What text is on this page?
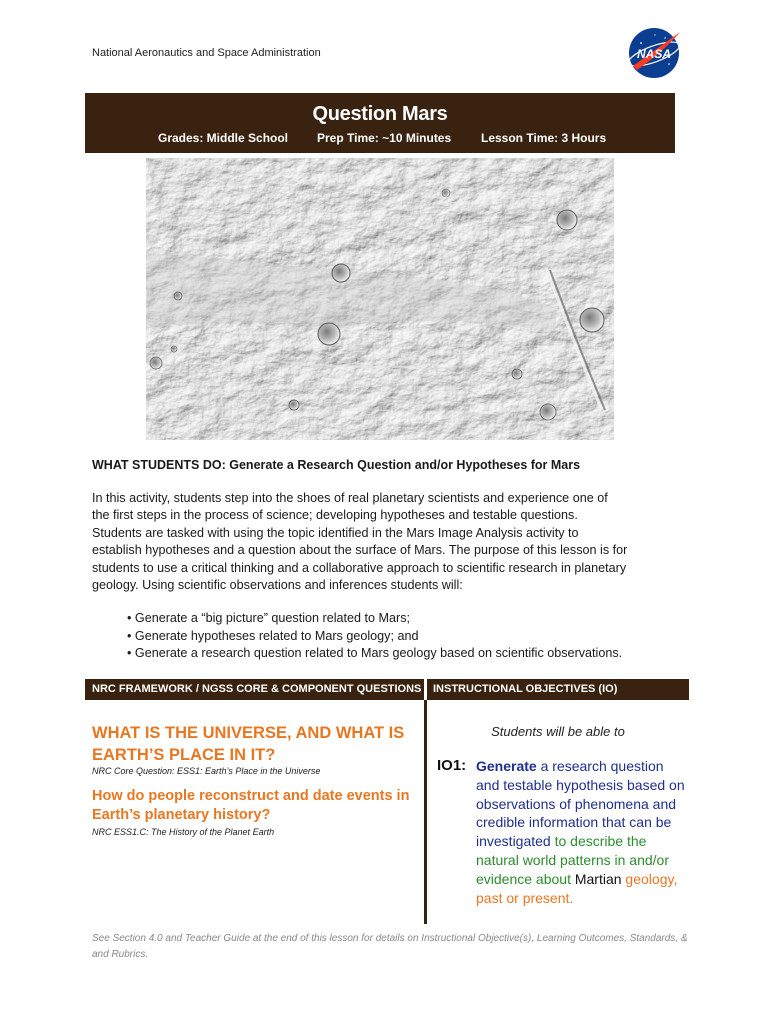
National Aeronautics and Space Administration	NASA
Question Mars
Grades: Middle School Prep Time: ~10 Minutes Lesson Time: 3 Hours
WHAT STUDENTS DO: Generate a Research Question and/or Hypotheses for Mars
In this activity, students step into the shoes of real planetary scientists and experience one of
the first steps in the process of science; developing hypotheses and testable questions.
Students are tasked with using the topic identified in the Mars Image Analysis activity to
establish hypotheses and a question about the surface of Mars. The purpose of this lesson is for
students to use a critical thinking and a collaborative approach to scientific research in planetary
geology. Using scientific observations and inferences students will:
• Generate a “big picture” question related to Mars;
• Generate hypotheses related to Mars geology; and
• Generate a research question related to Mars geology based on scientific observations.
NRC FRAMEWORK / NGSS CORE & COMPONENT QUESTIONS	INSTRUCTIONAL OBJECTIVES (IO)
WHAT IS THE UNIVERSE, AND WHAT IS EARTH’S PLACE IN IT?
NRC Core Question: ESS1: Earth’s Place in the Universe
How do people reconstruct and date events in Earth’s planetary history?
NRC ESS1.C: The History of the Planet Earth
Students will be able to
IO1: Generate a research question and testable hypothesis based on observations of phenomena and credible information that can be investigated to describe the natural world patterns in and/or evidence about Martian geology, past or present.
See Section 4.0 and Teacher Guide at the end of this lesson for details on Instructional Objective(s), Learning Outcomes, Standards, & and Rubrics.
